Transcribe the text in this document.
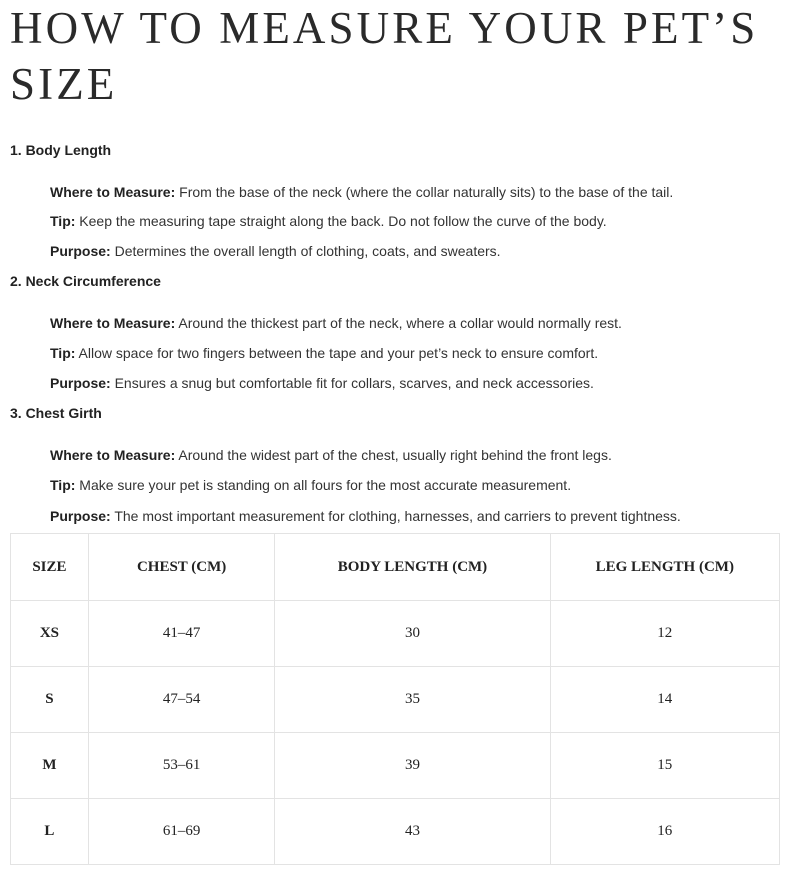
HOW TO MEASURE YOUR PET’S SIZE

1. Body Length

Where to Measure: From the base of the neck (where the collar naturally sits) to the base of the tail.

Tip: Keep the measuring tape straight along the back. Do not follow the curve of the body.

Purpose: Determines the overall length of clothing, coats, and sweaters.

2. Neck Circumference

Where to Measure: Around the thickest part of the neck, where a collar would normally rest.

Tip: Allow space for two fingers between the tape and your pet’s neck to ensure comfort.

Purpose: Ensures a snug but comfortable fit for collars, scarves, and neck accessories.

3. Chest Girth

Where to Measure: Around the widest part of the chest, usually right behind the front legs.

Tip: Make sure your pet is standing on all fours for the most accurate measurement.

Purpose: The most important measurement for clothing, harnesses, and carriers to prevent tightness.

SIZE	CHEST (CM)	BODY LENGTH (CM)	LEG LENGTH (CM)
XS	41–47	30	12
S	47–54	35	14
M	53–61	39	15
L	61–69	43	16
